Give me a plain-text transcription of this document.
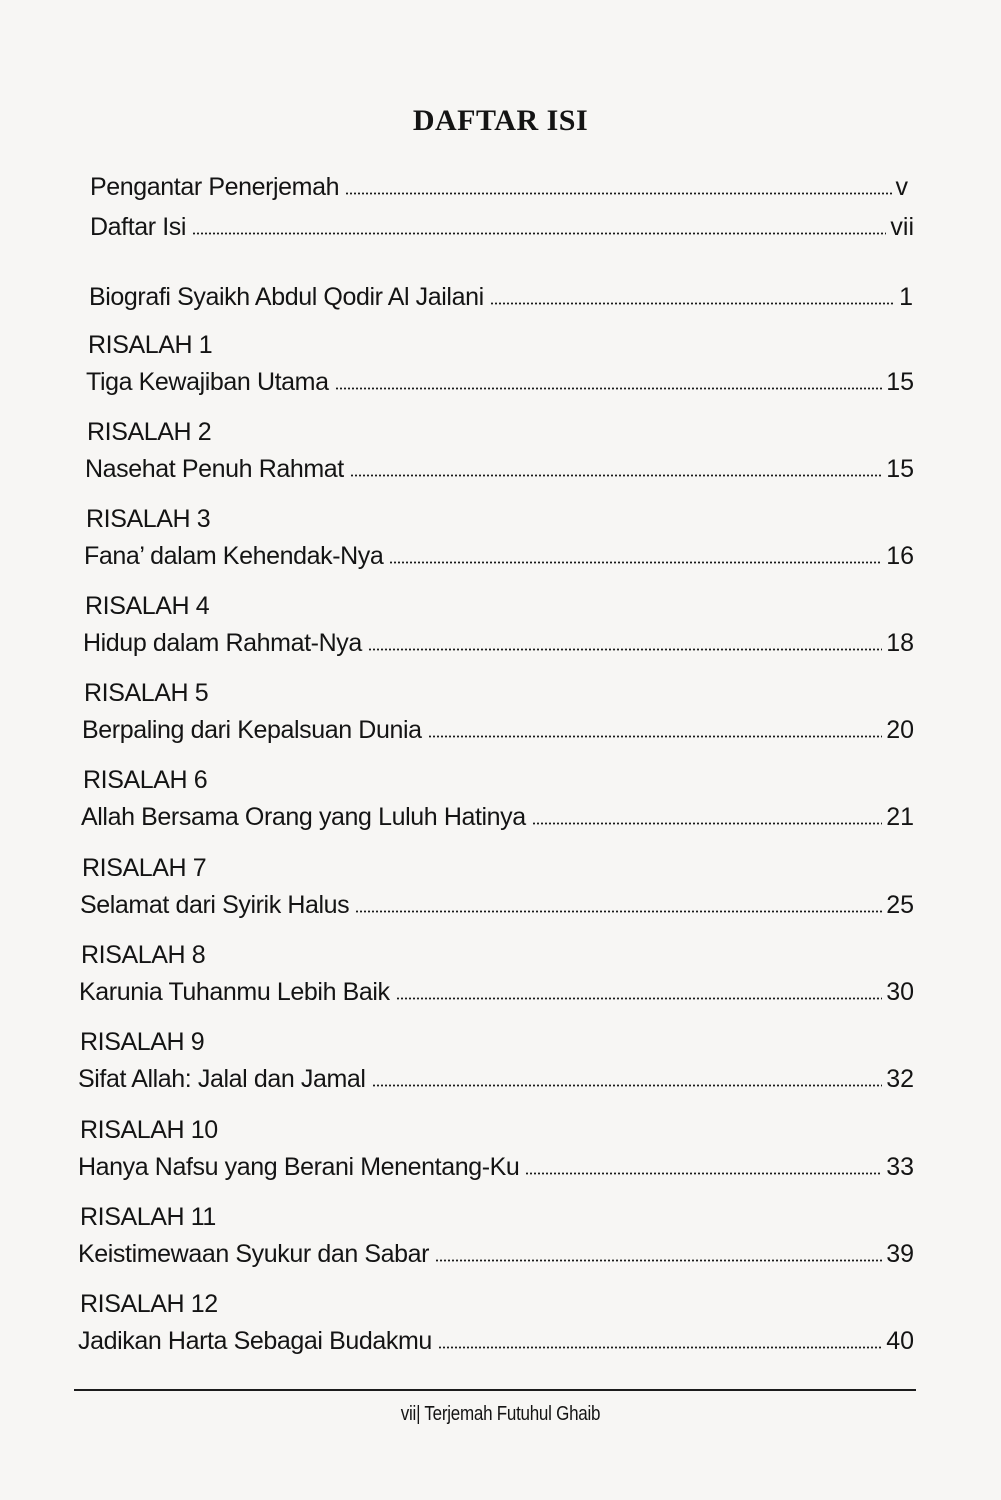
DAFTAR ISI
Pengantar Penerjemah	v
Daftar Isi	vii
Biografi Syaikh Abdul Qodir Al Jailani	1
RISALAH 1
Tiga Kewajiban Utama	15
RISALAH 2
Nasehat Penuh Rahmat	15
RISALAH 3
Fana’ dalam Kehendak-Nya	16
RISALAH 4
Hidup dalam Rahmat-Nya	18
RISALAH 5
Berpaling dari Kepalsuan Dunia	20
RISALAH 6
Allah Bersama Orang yang Luluh Hatinya	21
RISALAH 7
Selamat dari Syirik Halus	25
RISALAH 8
Karunia Tuhanmu Lebih Baik	30
RISALAH 9
Sifat Allah: Jalal dan Jamal	32
RISALAH 10
Hanya Nafsu yang Berani Menentang-Ku	33
RISALAH 11
Keistimewaan Syukur dan Sabar	39
RISALAH 12
Jadikan Harta Sebagai Budakmu	40
vii| Terjemah Futuhul Ghaib
